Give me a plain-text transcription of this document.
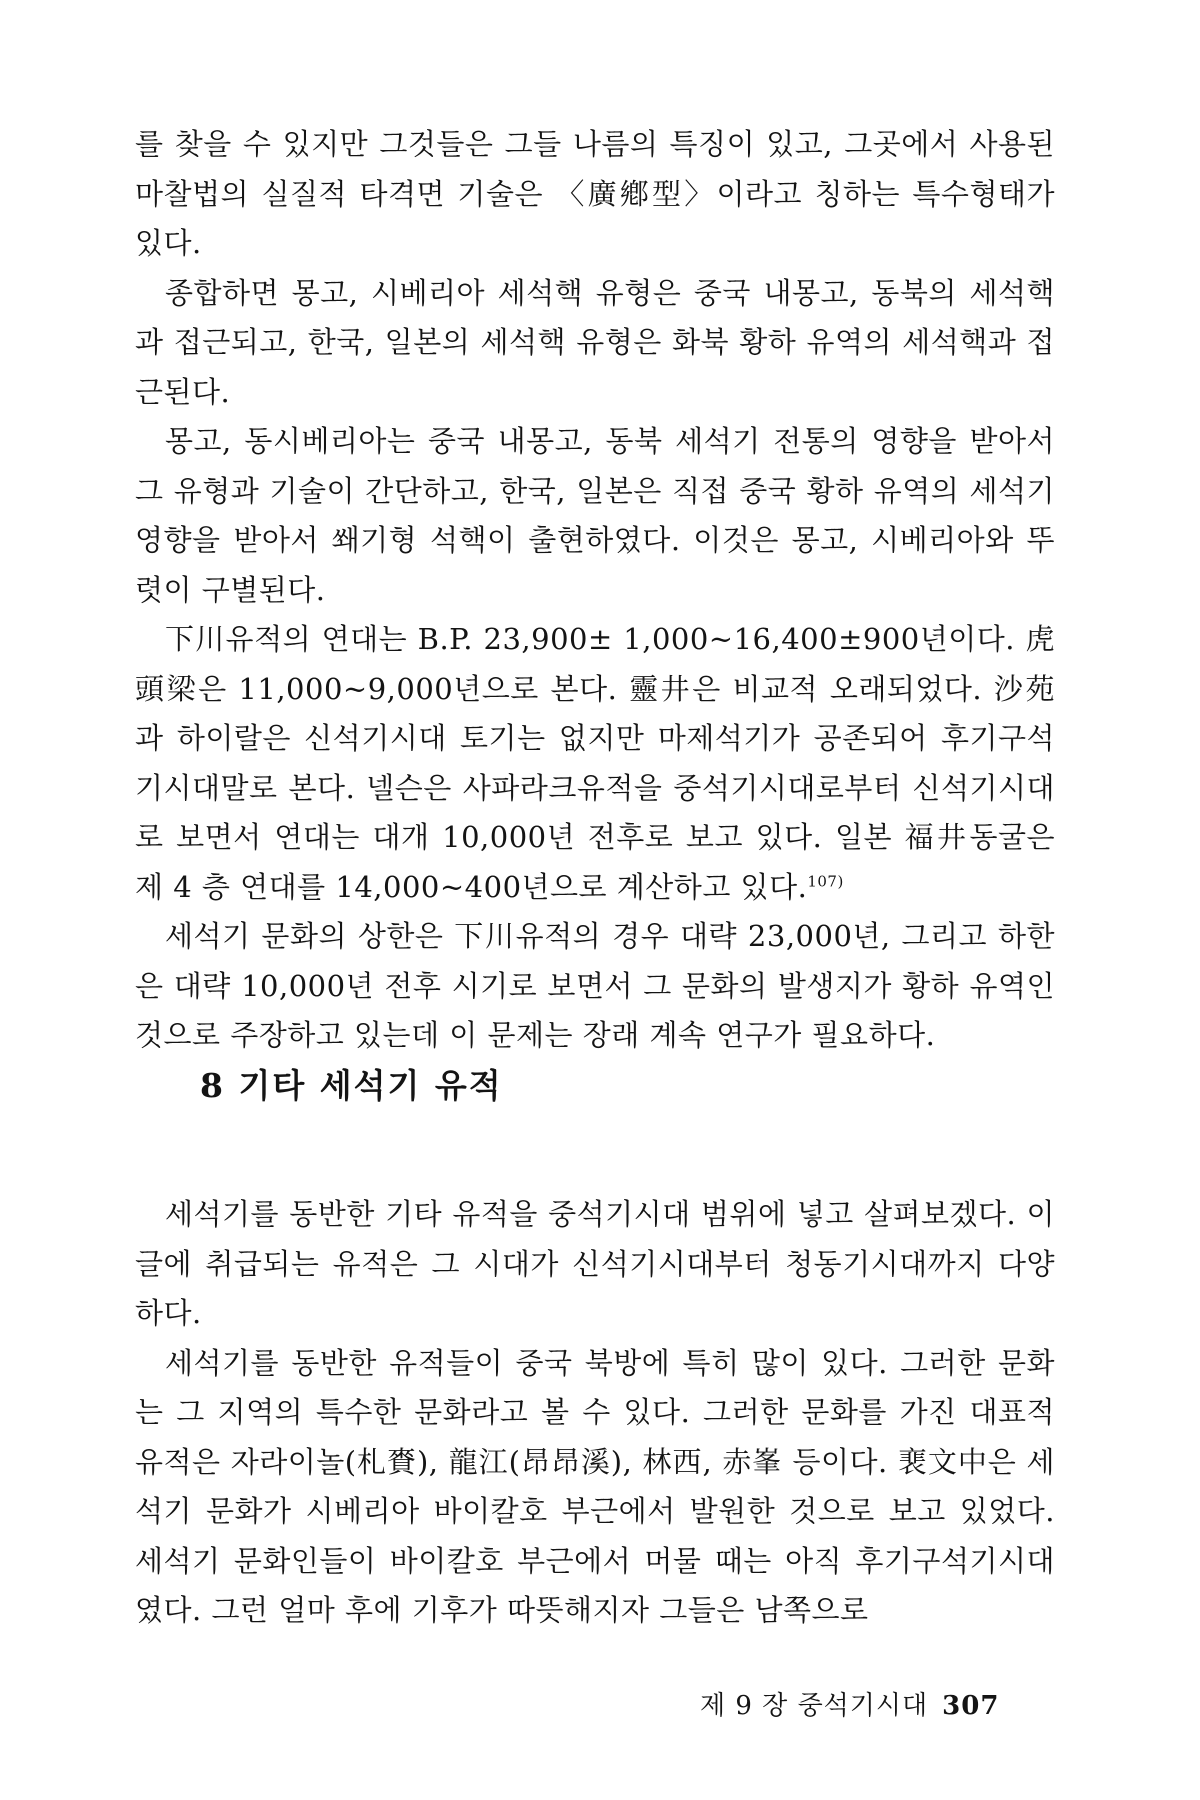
를 찾을 수 있지만 그것들은 그들 나름의 특징이 있고, 그곳에서 사용된 마찰법의 실질적 타격면 기술은 〈廣鄕型〉이라고 칭하는 특수형태가 있다.

종합하면 몽고, 시베리아 세석핵 유형은 중국 내몽고, 동북의 세석핵과 접근되고, 한국, 일본의 세석핵 유형은 화북 황하 유역의 세석핵과 접근된다.

몽고, 동시베리아는 중국 내몽고, 동북 세석기 전통의 영향을 받아서 그 유형과 기술이 간단하고, 한국, 일본은 직접 중국 황하 유역의 세석기 영향을 받아서 쐐기형 석핵이 출현하였다. 이것은 몽고, 시베리아와 뚜렷이 구별된다.

下川유적의 연대는 B.P. 23,900± 1,000~16,400±900년이다. 虎頭梁은 11,000~9,000년으로 본다. 靈井은 비교적 오래되었다. 沙苑과 하이랄은 신석기시대 토기는 없지만 마제석기가 공존되어 후기구석기시대말로 본다. 넬슨은 사파라크유적을 중석기시대로부터 신석기시대로 보면서 연대는 대개 10,000년 전후로 보고 있다. 일본 福井동굴은 제 4 층 연대를 14,000~400년으로 계산하고 있다.$^{107)}$

세석기 문화의 상한은 下川유적의 경우 대략 23,000년, 그리고 하한은 대략 10,000년 전후 시기로 보면서 그 문화의 발생지가 황하 유역인 것으로 주장하고 있는데 이 문제는 장래 계속 연구가 필요하다.

8 기타 세석기 유적

세석기를 동반한 기타 유적을 중석기시대 범위에 넣고 살펴보겠다. 이 글에 취급되는 유적은 그 시대가 신석기시대부터 청동기시대까지 다양하다.

세석기를 동반한 유적들이 중국 북방에 특히 많이 있다. 그러한 문화는 그 지역의 특수한 문화라고 볼 수 있다. 그러한 문화를 가진 대표적 유적은 자라이놀(札賚), 龍江(昂昂溪), 林西, 赤峯 등이다. 裵文中은 세석기 문화가 시베리아 바이칼호 부근에서 발원한 것으로 보고 있었다. 세석기 문화인들이 바이칼호 부근에서 머물 때는 아직 후기구석기시대였다. 그런 얼마 후에 기후가 따뜻해지자 그들은 남쪽으로

제 9 장 중석기시대 307
